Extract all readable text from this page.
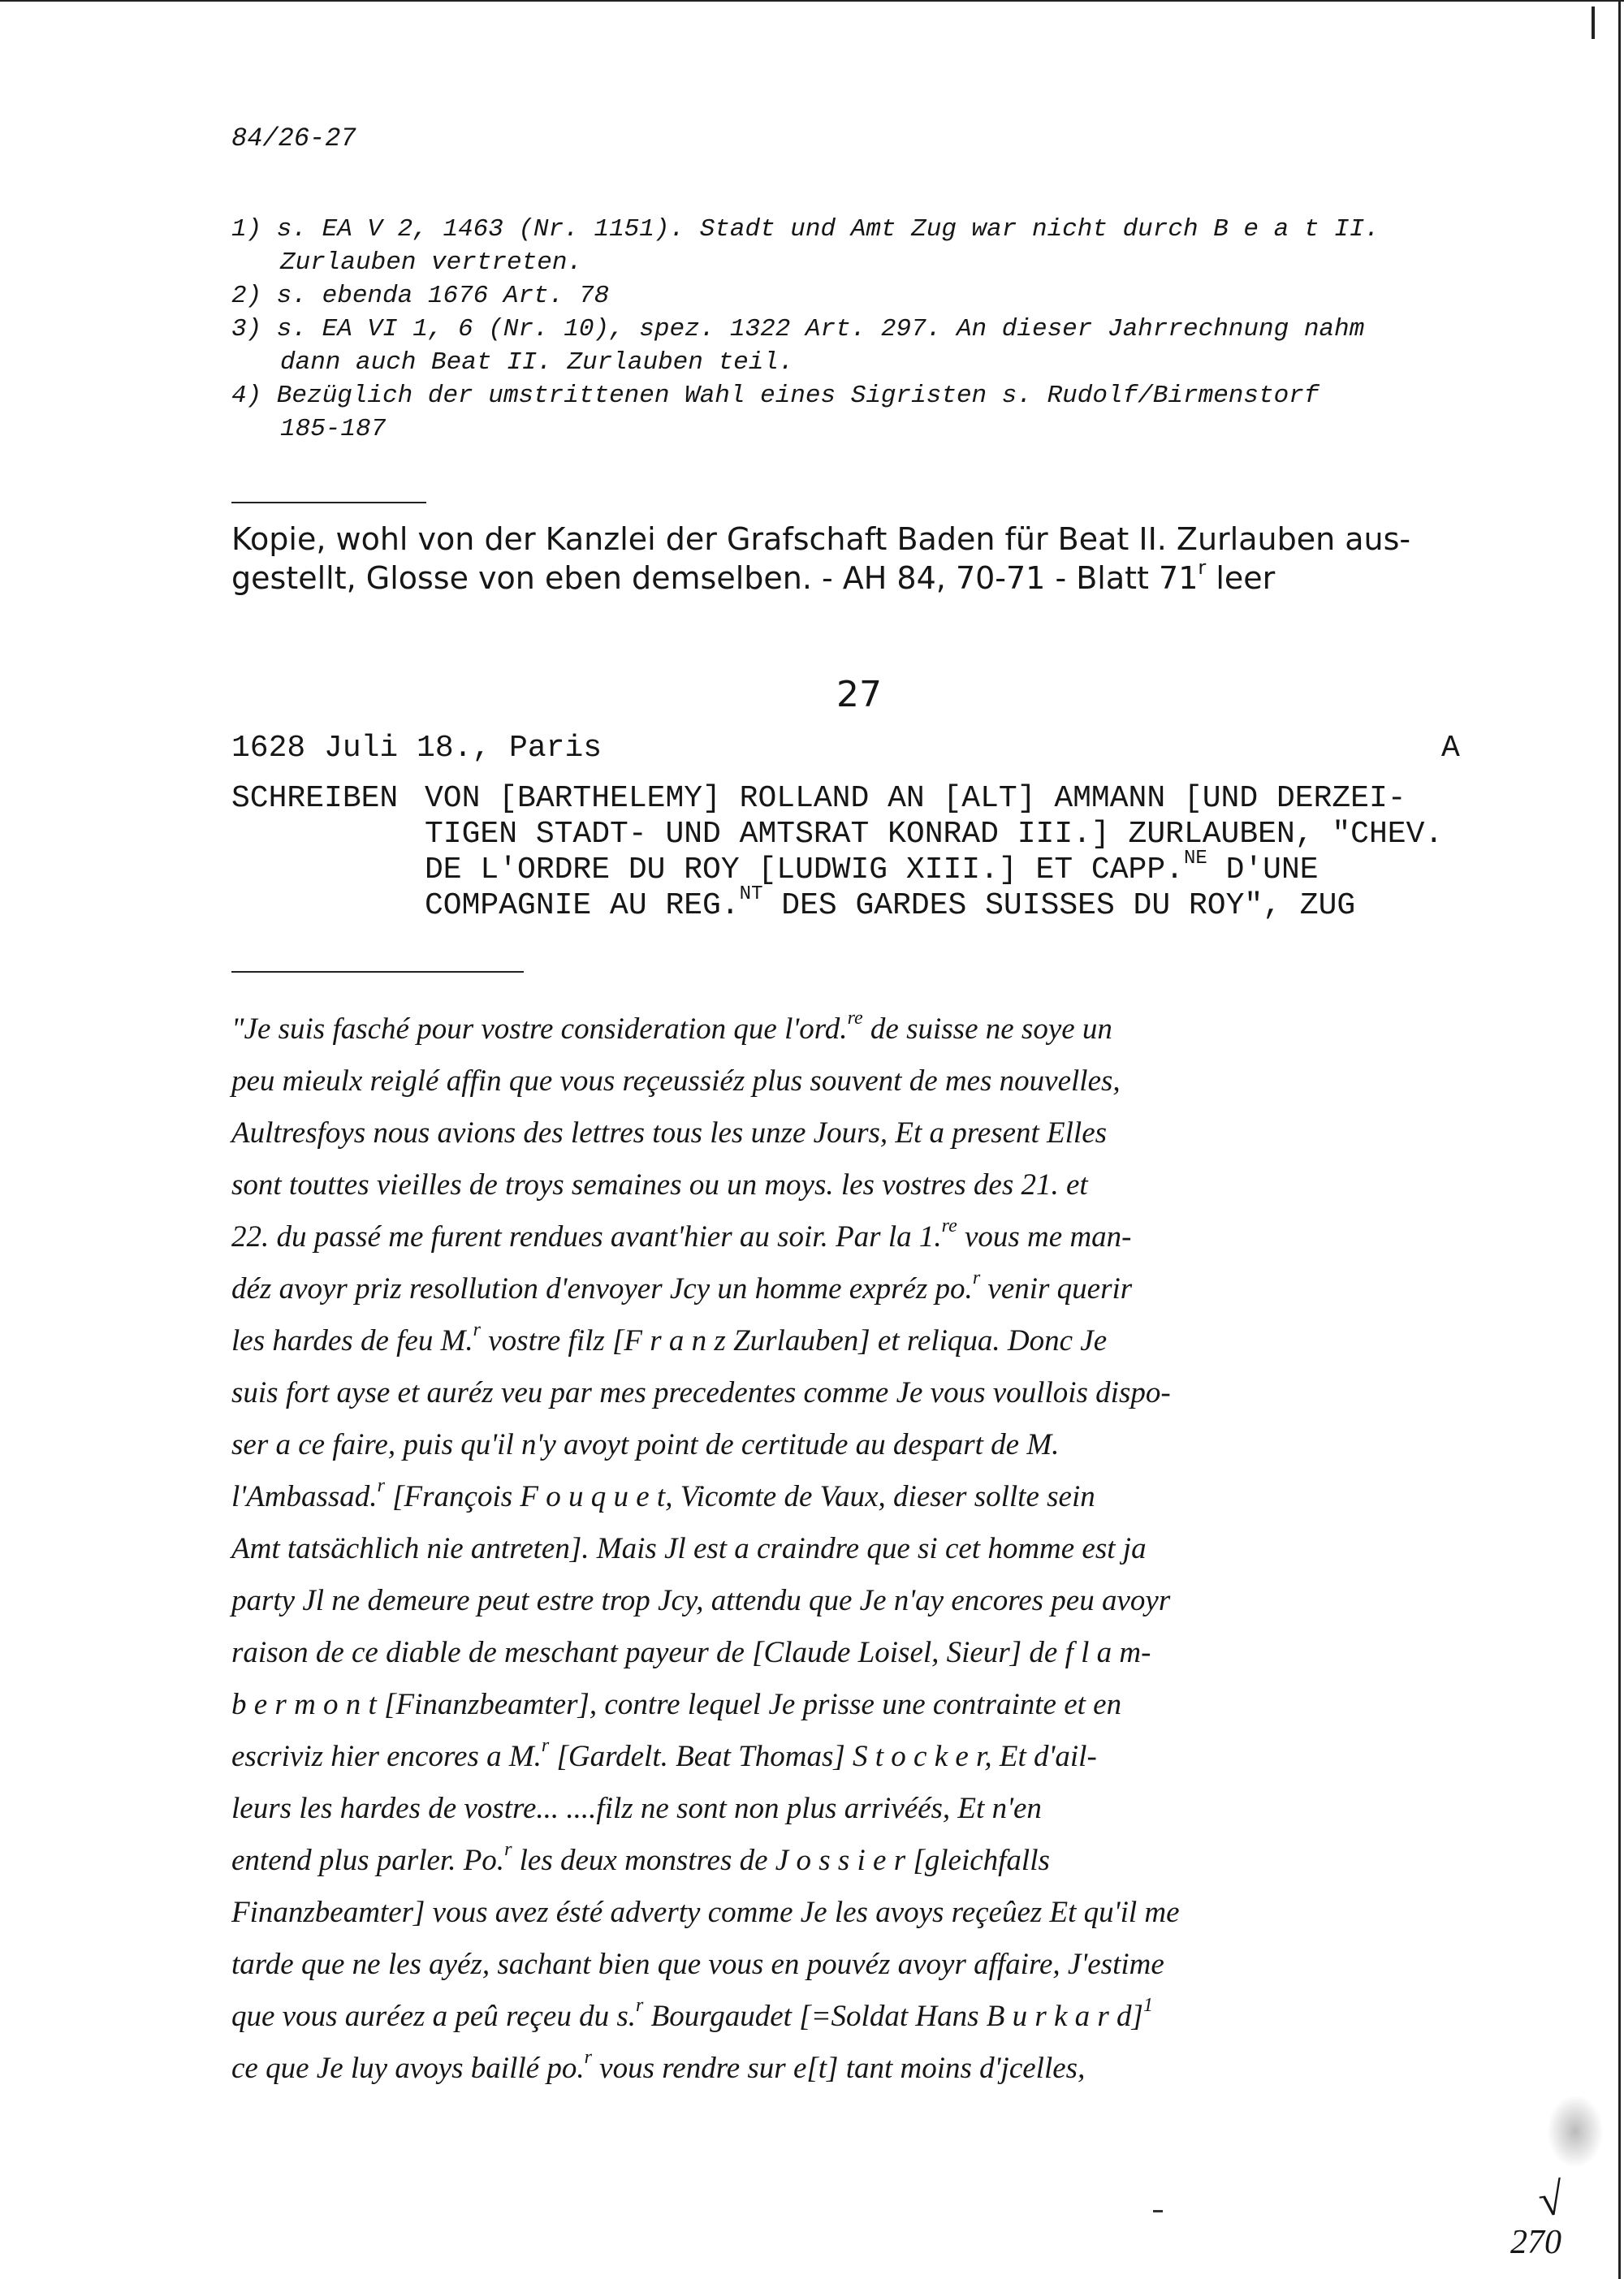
84/26-27

1) s. EA V 2, 1463 (Nr. 1151). Stadt und Amt Zug war nicht durch B e a t II.
Zurlauben vertreten.

2) s. ebenda 1676 Art. 78

3) s. EA VI 1, 6 (Nr. 10), spez. 1322 Art. 297. An dieser Jahrrechnung nahm
dann auch Beat II. Zurlauben teil.

4) Bezüglich der umstrittenen Wahl eines Sigristen s. Rudolf/Birmenstorf
185-187

Kopie, wohl von der Kanzlei der Grafschaft Baden für Beat II. Zurlauben aus-
gestellt, Glosse von eben demselben. - AH 84, 70-71 - Blatt 71$^r$ leer
27
1628 Juli 18., Paris	A
SCHREIBEN VON [BARTHELEMY] ROLLAND AN [ALT] AMMANN [UND DERZEI-
TIGEN STADT- UND AMTSRAT KONRAD III.] ZURLAUBEN, "CHEV.
DE L'ORDRE DU ROY [LUDWIG XIII.] ET CAPP.$^{NE}$ D'UNE
COMPAGNIE AU REG.$^{NT}$ DES GARDES SUISSES DU ROY", ZUG
"Je suis fasché pour vostre consideration que l'ord.$^{re}$ de suisse ne soye un
peu mieulx reiglé affin que vous reçeussiéz plus souvent de mes nouvelles,
Aultresfoys nous avions des lettres tous les unze Jours, Et a present Elles
sont touttes vieilles de troys semaines ou un moys. les vostres des 21. et
22. du passé me furent rendues avant'hier au soir. Par la 1.$^{re}$ vous me man-
déz avoyr priz resollution d'envoyer Jcy un homme expréz po.$^r$ venir querir
les hardes de feu M.$^r$ vostre filz [F r a n z Zurlauben] et reliqua. Donc Je
suis fort ayse et auréz veu par mes precedentes comme Je vous voullois dispo-
ser a ce faire, puis qu'il n'y avoyt point de certitude au despart de M.
l'Ambassad.$^r$ [François F o u q u e t, Vicomte de Vaux, dieser sollte sein
Amt tatsächlich nie antreten]. Mais Jl est a craindre que si cet homme est ja
party Jl ne demeure peut estre trop Jcy, attendu que Je n'ay encores peu avoyr
raison de ce diable de meschant payeur de [Claude Loisel, Sieur] de f l a m-
b e r m o n t [Finanzbeamter], contre lequel Je prisse une contrainte et en
escriviz hier encores a M.$^r$ [Gardelt. Beat Thomas] S t o c k e r, Et d'ail-
leurs les hardes de vostre... ....filz ne sont non plus arrivéés, Et n'en
entend plus parler. Po.$^r$ les deux monstres de J o s s i e r [gleichfalls
Finanzbeamter] vous avez ésté adverty comme Je les avoys reçeûez Et qu'il me
tarde que ne les ayéz, sachant bien que vous en pouvéz avoyr affaire, J'estime
que vous auréez a peû reçeu du s.$^r$ Bourgaudet [=Soldat Hans B u r k a r d]$^1$
ce que Je luy avoys baillé po.$^r$ vous rendre sur e[t] tant moins d'jcelles,
√
270
